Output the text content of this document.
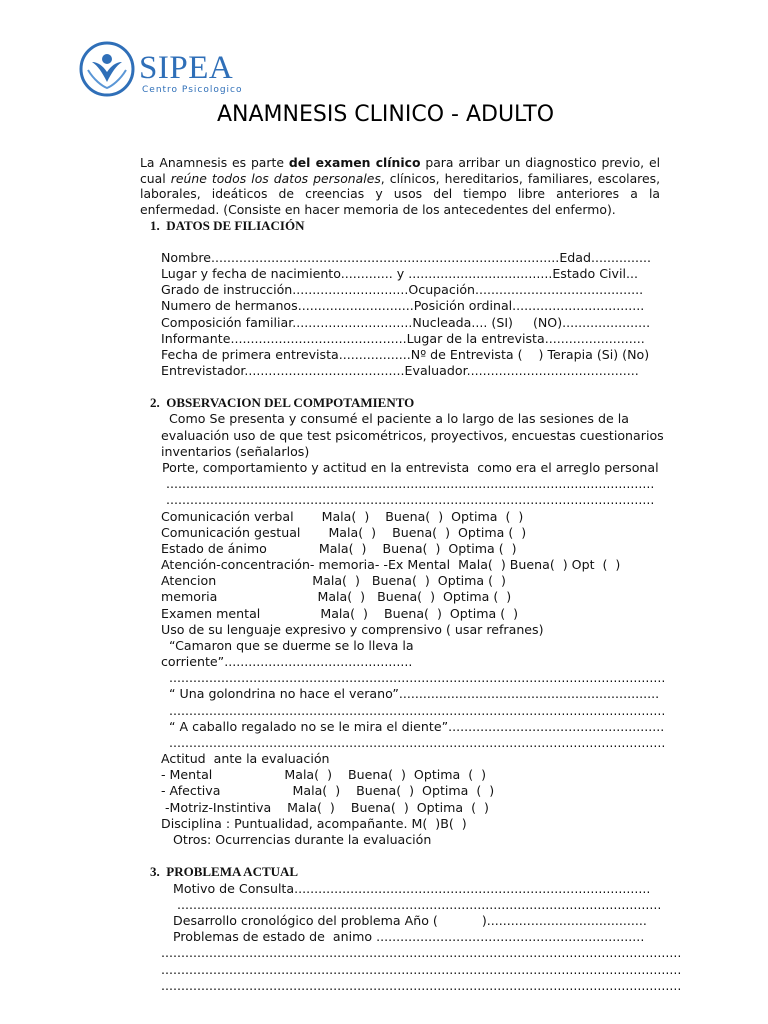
SIPEA

Centro Psicologico

ANAMNESIS CLINICO - ADULTO
La Anamnesis es parte del examen clínico para arribar un diagnostico previo, el cual reúne todos los datos personales, clínicos, hereditarios, familiares, escolares, laborales, ideáticos de creencias y usos del tiempo libre anteriores a la enfermedad. (Consiste en hacer memoria de los antecedentes del enfermo).
1.  DATOS DE FILIACIÓN
Nombre.......................................................................................Edad...............
Lugar y fecha de nacimiento............. y ....................................Estado Civil...
Grado de instrucción.............................Ocupación..........................................
Numero de hermanos.............................Posición ordinal.................................
Composición familiar..............................Nucleada.... (SI)     (NO)......................
Informante............................................Lugar de la entrevista.........................
Fecha de primera entrevista..................Nº de Entrevista (    ) Terapia (Si) (No)
Entrevistador........................................Evaluador...........................................
2.  OBSERVACION DEL COMPOTAMIENTO
Como Se presenta y consumé el paciente a lo largo de las sesiones de la
evaluación uso de que test psicométricos, proyectivos, encuestas cuestionarios
inventarios (señalarlos)
Porte, comportamiento y actitud en la entrevista  como era el arreglo personal
..........................................................................................................................
..........................................................................................................................
Comunicación verbal       Mala(  )    Buena(  )  Optima  (  )
Comunicación gestual       Mala(  )    Buena(  )  Optima (  )
Estado de ánimo             Mala(  )    Buena(  )  Optima (  )
Atención-concentración- memoria- -Ex Mental  Mala(  ) Buena(  ) Opt  (  )
Atencion                        Mala(  )   Buena(  )  Optima (  )
memoria                         Mala(  )   Buena(  )  Optima (  )
Examen mental               Mala(  )    Buena(  )  Optima (  )
Uso de su lenguaje expresivo y comprensivo ( usar refranes)
“Camaron que se duerme se lo lleva la
corriente”...............................................
............................................................................................................................
“ Una golondrina no hace el verano”.................................................................
............................................................................................................................
“ A caballo regalado no se le mira el diente”......................................................
............................................................................................................................
Actitud  ante la evaluación
- Mental                  Mala(  )    Buena(  )  Optima  (  )
- Afectiva                  Mala(  )    Buena(  )  Optima  (  )
-Motriz-Instintiva    Mala(  )    Buena(  )  Optima  (  )
Disciplina : Puntualidad, acompañante. M(  )B(  )
Otros: Ocurrencias durante la evaluación
3.  PROBLEMA ACTUAL
Motivo de Consulta.........................................................................................
.........................................................................................................................
Desarrollo cronológico del problema Año (           )........................................
Problemas de estado de  animo ...................................................................
..................................................................................................................................
..................................................................................................................................
..................................................................................................................................
